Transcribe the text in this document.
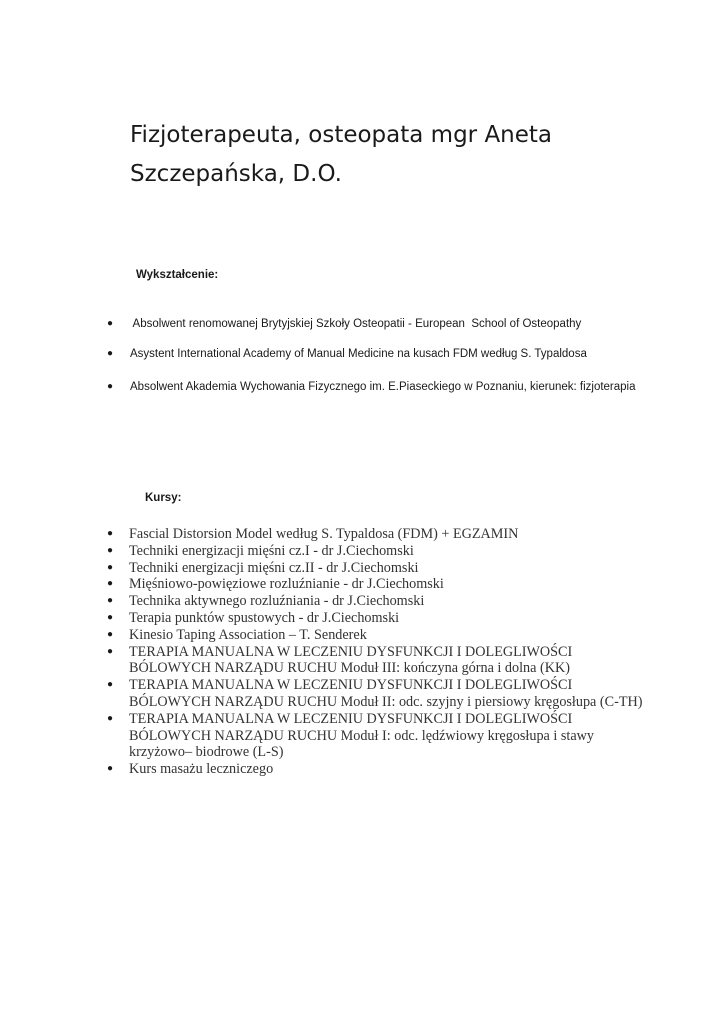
Fizjoterapeuta, osteopata mgr Aneta Szczepańska, D.O.
Wykształcenie:
● Absolwent renomowanej Brytyjskiej Szkoły Osteopatii - European  School of Osteopathy
● Asystent International Academy of Manual Medicine na kusach FDM według S. Typaldosa
● Absolwent Akademia Wychowania Fizycznego im. E.Piaseckiego w Poznaniu, kierunek: fizjoterapia
Kursy:
● Fascial Distorsion Model według S. Typaldosa (FDM) + EGZAMIN
● Techniki energizacji mięśni cz.I - dr J.Ciechomski
● Techniki energizacji mięśni cz.II - dr J.Ciechomski
● Mięśniowo-powięziowe rozluźnianie - dr J.Ciechomski
● Technika aktywnego rozluźniania - dr J.Ciechomski
● Terapia punktów spustowych - dr J.Ciechomski
● Kinesio Taping Association – T. Senderek
● TERAPIA MANUALNA W LECZENIU DYSFUNKCJI I DOLEGLIWOŚCI BÓLOWYCH NARZĄDU RUCHU Moduł III: kończyna górna i dolna (KK)
● TERAPIA MANUALNA W LECZENIU DYSFUNKCJI I DOLEGLIWOŚCI BÓLOWYCH NARZĄDU RUCHU Moduł II: odc. szyjny i piersiowy kręgosłupa (C-TH)
● TERAPIA MANUALNA W LECZENIU DYSFUNKCJI I DOLEGLIWOŚCI BÓLOWYCH NARZĄDU RUCHU Moduł I: odc. lędźwiowy kręgosłupa i stawy krzyżowo– biodrowe (L-S)
● Kurs masażu leczniczego
